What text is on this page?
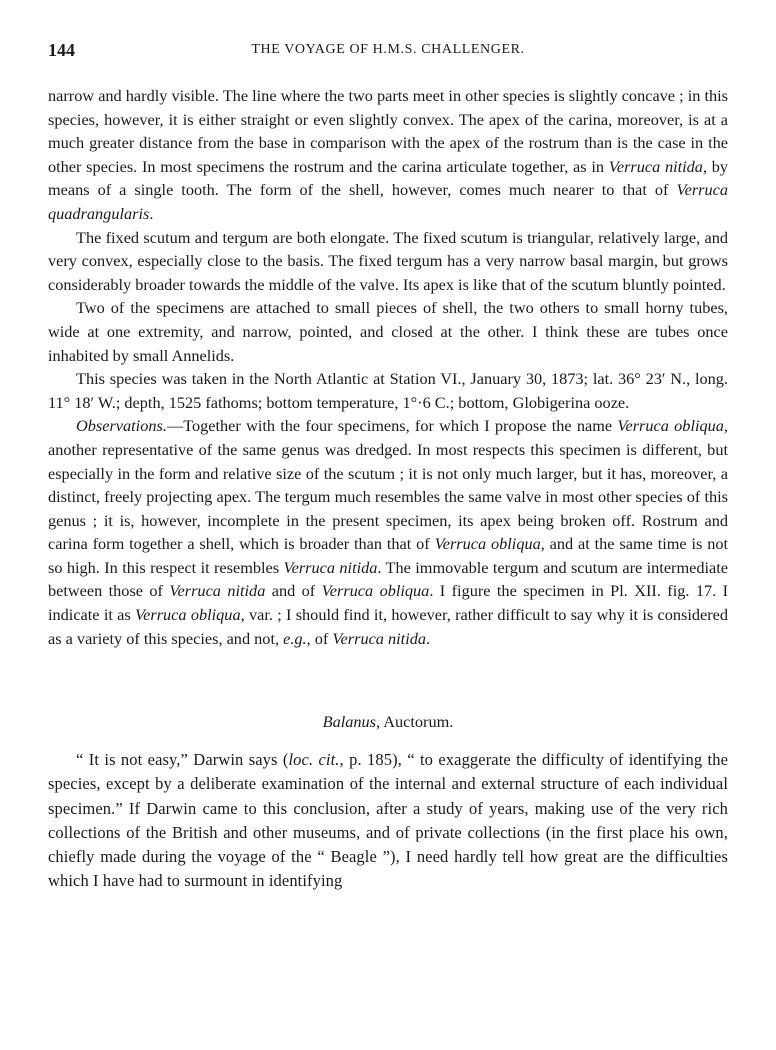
144	THE VOYAGE OF H.M.S. CHALLENGER.

narrow and hardly visible. The line where the two parts meet in other species is slightly concave ; in this species, however, it is either straight or even slightly convex. The apex of the carina, moreover, is at a much greater distance from the base in comparison with the apex of the rostrum than is the case in the other species. In most specimens the rostrum and the carina articulate together, as in Verruca nitida, by means of a single tooth. The form of the shell, however, comes much nearer to that of Verruca quadrangularis.

The fixed scutum and tergum are both elongate. The fixed scutum is triangular, relatively large, and very convex, especially close to the basis. The fixed tergum has a very narrow basal margin, but grows considerably broader towards the middle of the valve. Its apex is like that of the scutum bluntly pointed.

Two of the specimens are attached to small pieces of shell, the two others to small horny tubes, wide at one extremity, and narrow, pointed, and closed at the other. I think these are tubes once inhabited by small Annelids.

This species was taken in the North Atlantic at Station VI., January 30, 1873; lat. 36° 23′ N., long. 11° 18′ W.; depth, 1525 fathoms; bottom temperature, 1°·6 C.; bottom, Globigerina ooze.

Observations.—Together with the four specimens, for which I propose the name Verruca obliqua, another representative of the same genus was dredged. In most respects this specimen is different, but especially in the form and relative size of the scutum ; it is not only much larger, but it has, moreover, a distinct, freely projecting apex. The tergum much resembles the same valve in most other species of this genus ; it is, however, incomplete in the present specimen, its apex being broken off. Rostrum and carina form together a shell, which is broader than that of Verruca obliqua, and at the same time is not so high. In this respect it resembles Verruca nitida. The immovable tergum and scutum are intermediate between those of Verruca nitida and of Verruca obliqua. I figure the specimen in Pl. XII. fig. 17. I indicate it as Verruca obliqua, var. ; I should find it, however, rather difficult to say why it is considered as a variety of this species, and not, e.g., of Verruca nitida.

Balanus, Auctorum.

“ It is not easy,” Darwin says (loc. cit., p. 185), “ to exaggerate the difficulty of identifying the species, except by a deliberate examination of the internal and external structure of each individual specimen.” If Darwin came to this conclusion, after a study of years, making use of the very rich collections of the British and other museums, and of private collections (in the first place his own, chiefly made during the voyage of the “ Beagle ”), I need hardly tell how great are the difficulties which I have had to surmount in identifying
